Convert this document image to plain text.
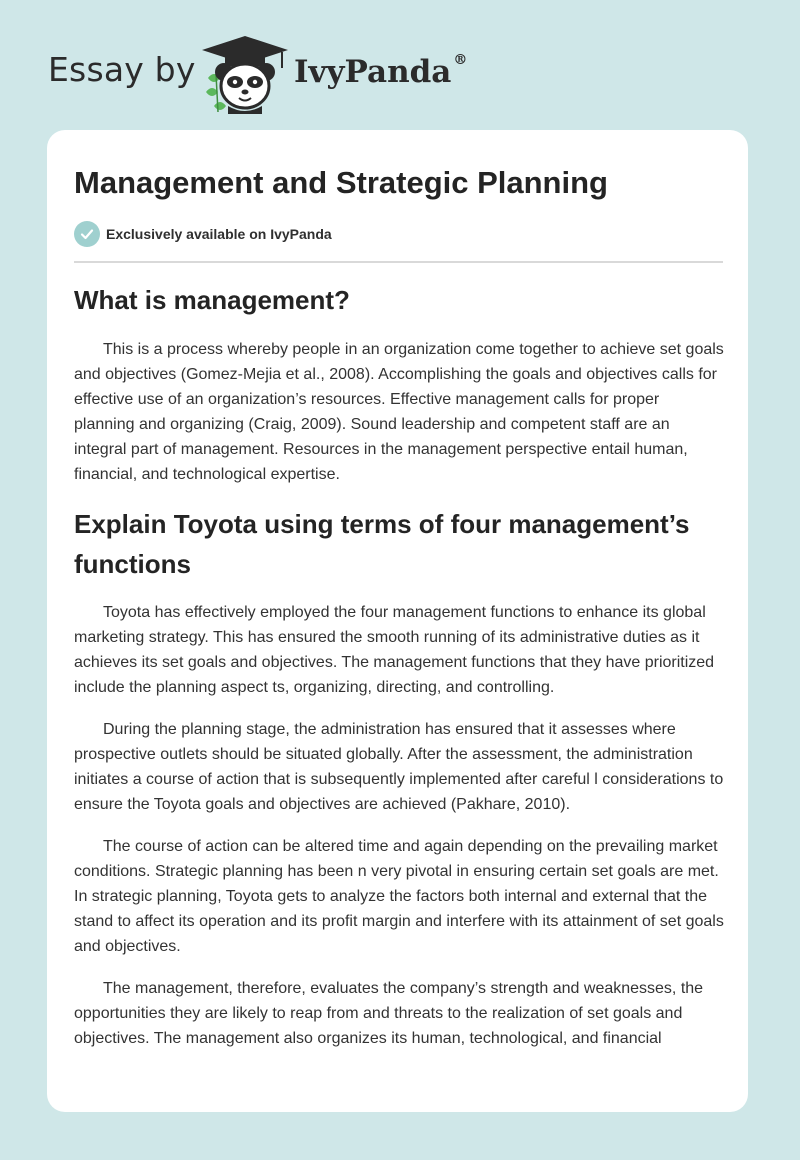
Essay by	IvyPanda ®
Management and Strategic Planning
Exclusively available on IvyPanda
What is management?

This is a process whereby people in an organization come together to achieve set goals and objectives (Gomez-Mejia et al., 2008). Accomplishing the goals and objectives calls for effective use of an organization’s resources. Effective management calls for proper planning and organizing (Craig, 2009). Sound leadership and competent staff are an integral part of management. Resources in the management perspective entail human, financial, and technological expertise.

Explain Toyota using terms of four management’s functions

Toyota has effectively employed the four management functions to enhance its global marketing strategy. This has ensured the smooth running of its administrative duties as it achieves its set goals and objectives. The management functions that they have prioritized include the planning aspect ts, organizing, directing, and controlling.

During the planning stage, the administration has ensured that it assesses where prospective outlets should be situated globally. After the assessment, the administration initiates a course of action that is subsequently implemented after careful l considerations to ensure the Toyota goals and objectives are achieved (Pakhare, 2010).

The course of action can be altered time and again depending on the prevailing market conditions. Strategic planning has been n very pivotal in ensuring certain set goals are met. In strategic planning, Toyota gets to analyze the factors both internal and external that the stand to affect its operation and its profit margin and interfere with its attainment of set goals and objectives.

The management, therefore, evaluates the company’s strength and weaknesses, the opportunities they are likely to reap from and threats to the realization of set goals and objectives. The management also organizes its human, technological, and financial
